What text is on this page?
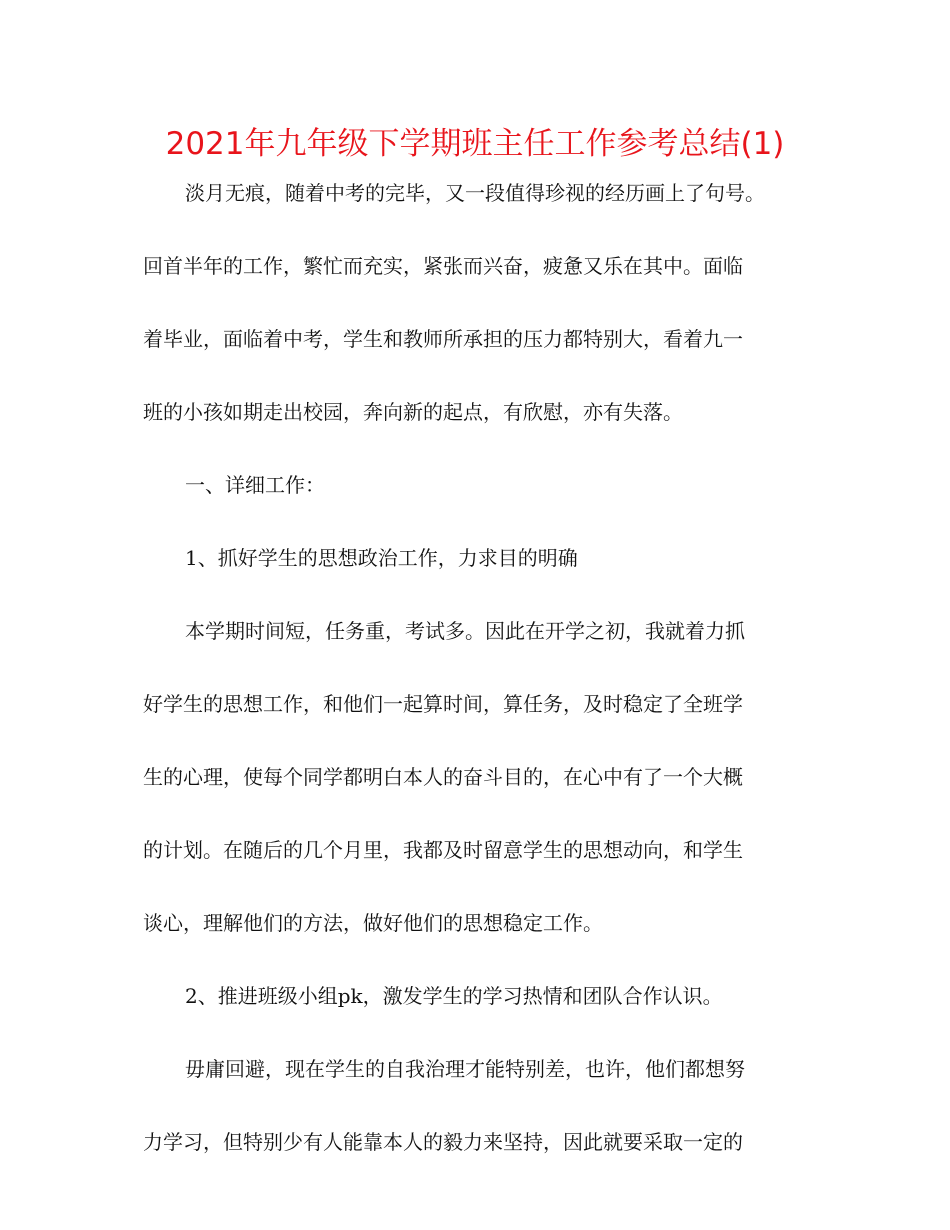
2021年九年级下学期班主任工作参考总结(1)

淡月无痕，随着中考的完毕，又一段值得珍视的经历画上了句号。
回首半年的工作，繁忙而充实，紧张而兴奋，疲惫又乐在其中。面临
着毕业，面临着中考，学生和教师所承担的压力都特别大，看着九一
班的小孩如期走出校园，奔向新的起点，有欣慰，亦有失落。

一、详细工作：

1、抓好学生的思想政治工作，力求目的明确

本学期时间短，任务重，考试多。因此在开学之初，我就着力抓
好学生的思想工作，和他们一起算时间，算任务，及时稳定了全班学
生的心理，使每个同学都明白本人的奋斗目的，在心中有了一个大概
的计划。在随后的几个月里，我都及时留意学生的思想动向，和学生
谈心，理解他们的方法，做好他们的思想稳定工作。

2、推进班级小组pk，激发学生的学习热情和团队合作认识。

毋庸回避，现在学生的自我治理才能特别差，也许，他们都想努
力学习，但特别少有人能靠本人的毅力来坚持，因此就要采取一定的
